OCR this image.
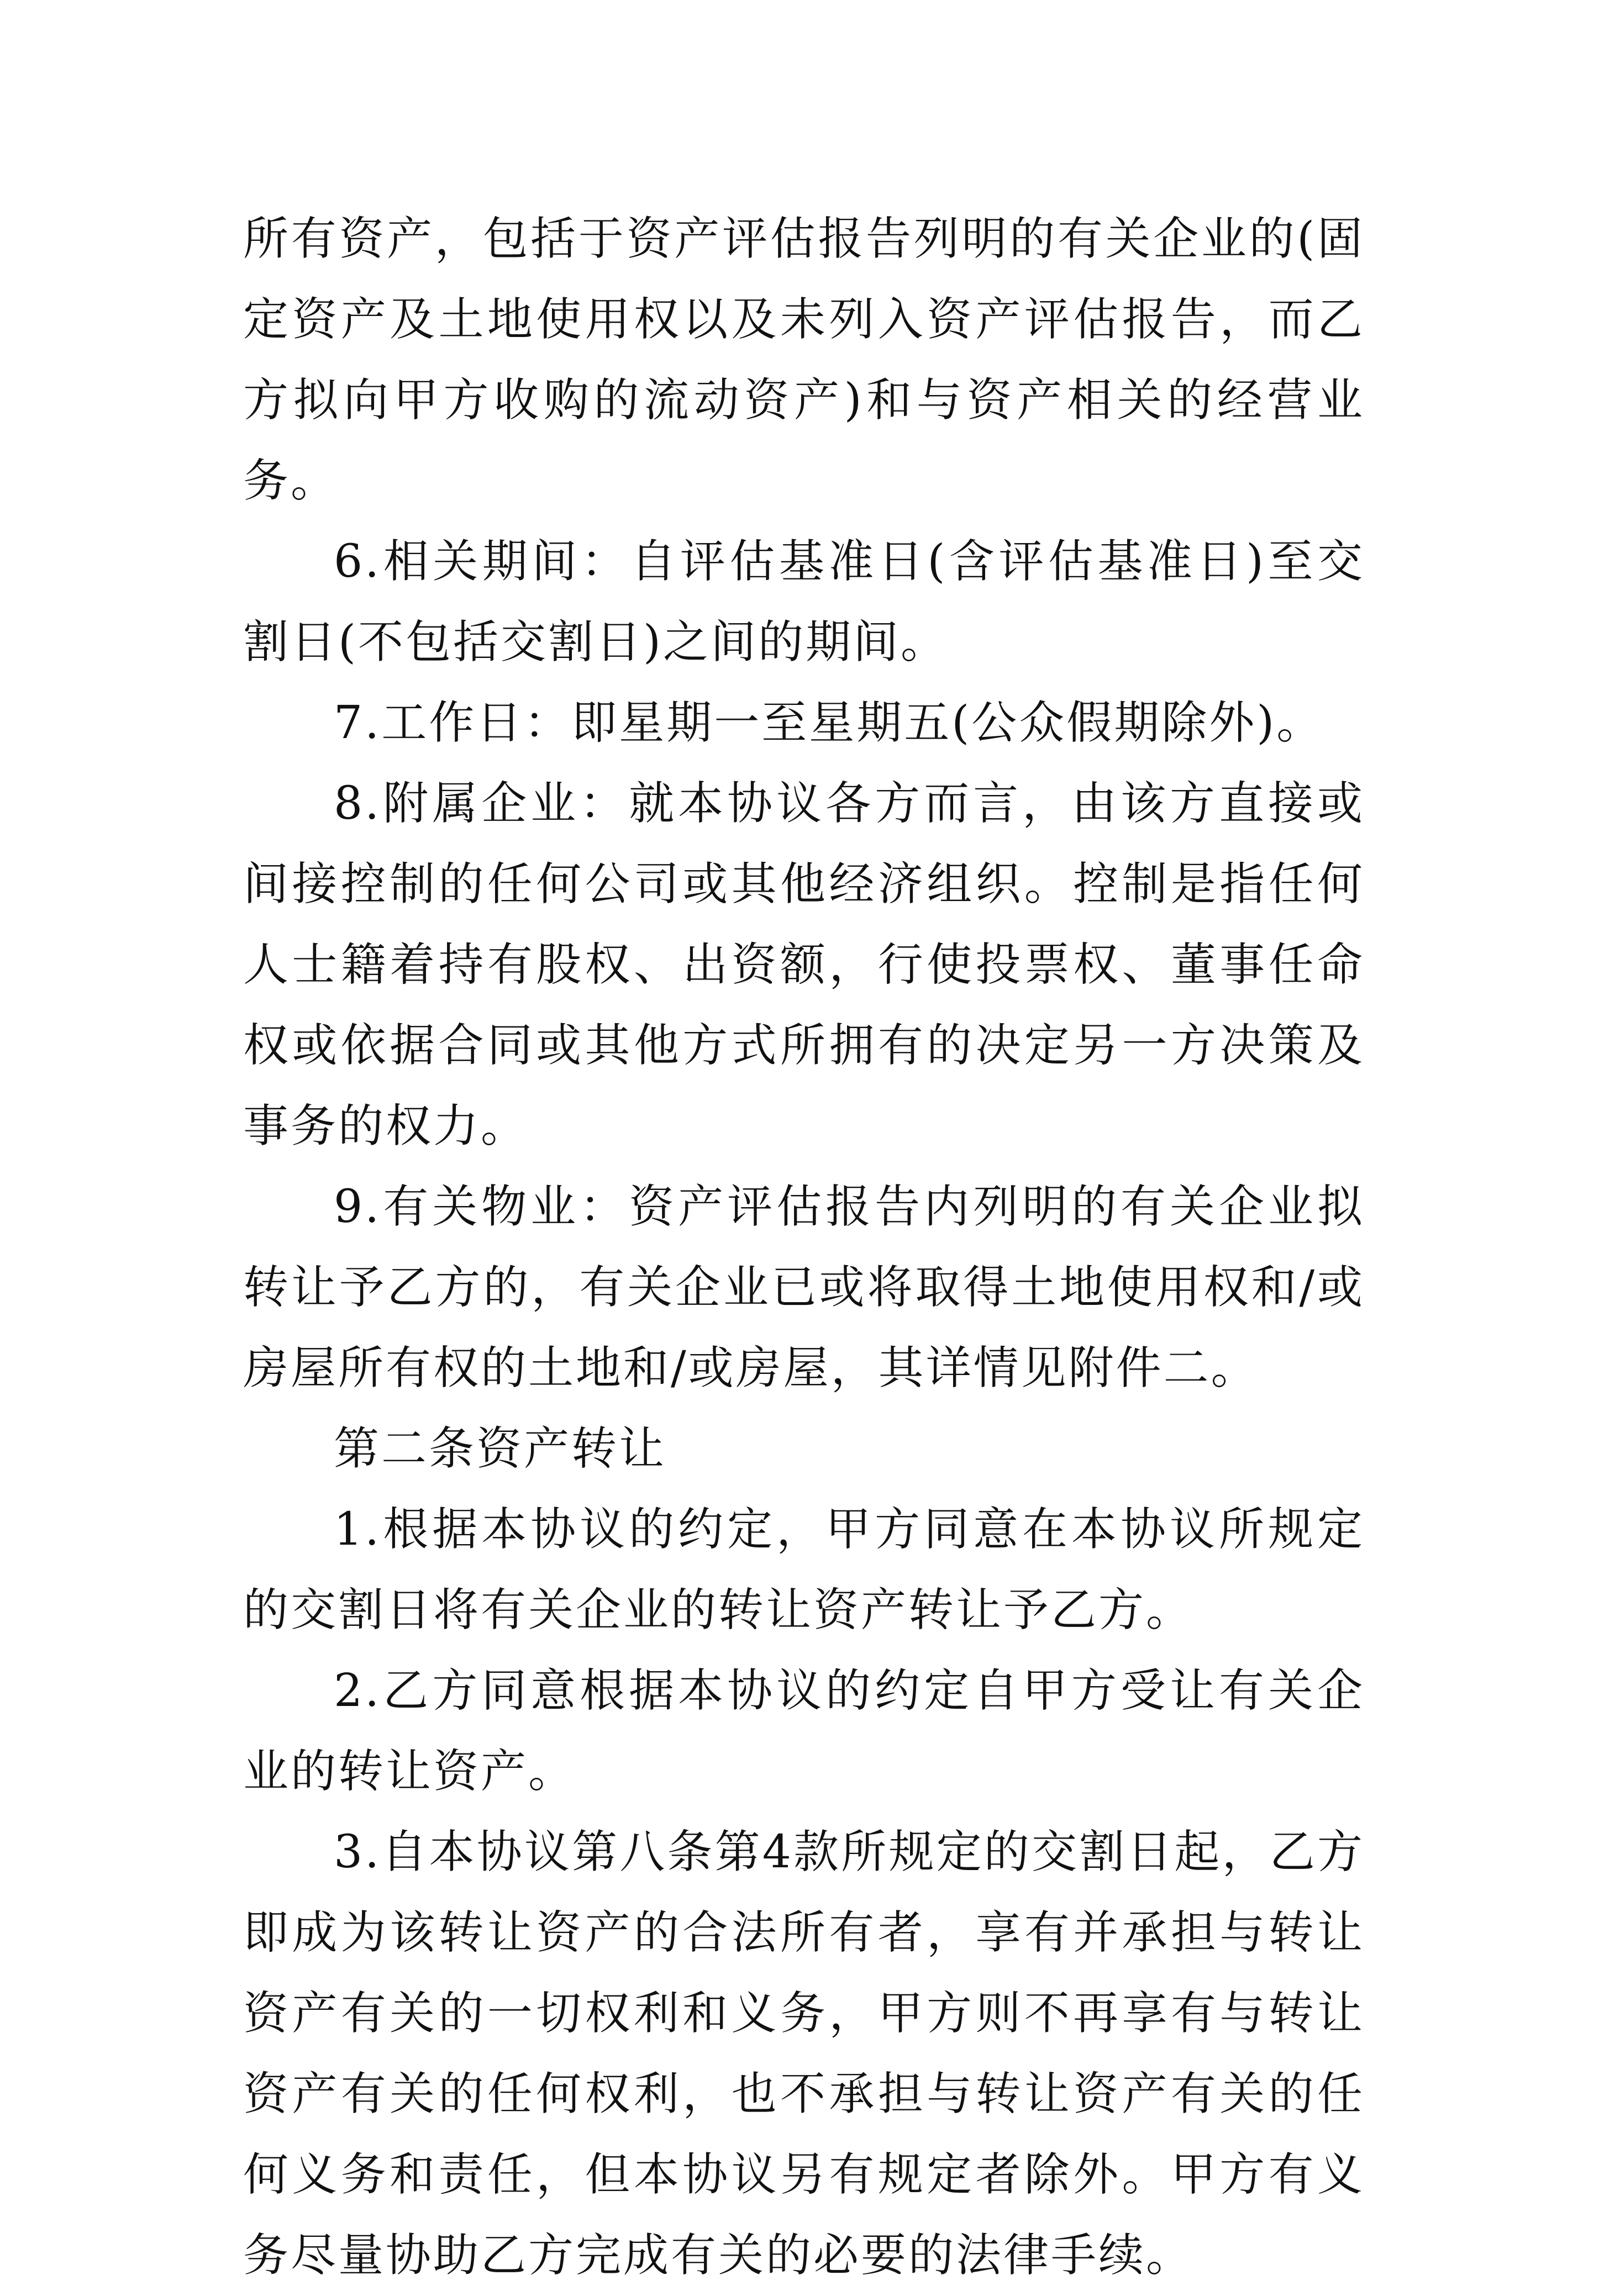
所有资产，包括于资产评估报告列明的有关企业的(固定资产及土地使用权以及未列入资产评估报告，而乙方拟向甲方收购的流动资产)和与资产相关的经营业务。

6.相关期间：自评估基准日(含评估基准日)至交割日(不包括交割日)之间的期间。

7.工作日：即星期一至星期五(公众假期除外)。

8.附属企业：就本协议各方而言，由该方直接或间接控制的任何公司或其他经济组织。控制是指任何人士籍着持有股权、出资额，行使投票权、董事任命权或依据合同或其他方式所拥有的决定另一方决策及事务的权力。

9.有关物业：资产评估报告内列明的有关企业拟转让予乙方的，有关企业已或将取得土地使用权和/或房屋所有权的土地和/或房屋，其详情见附件二。

第二条资产转让

1.根据本协议的约定，甲方同意在本协议所规定的交割日将有关企业的转让资产转让予乙方。

2.乙方同意根据本协议的约定自甲方受让有关企业的转让资产。

3.自本协议第八条第4款所规定的交割日起，乙方即成为该转让资产的合法所有者，享有并承担与转让资产有关的一切权利和义务，甲方则不再享有与转让资产有关的任何权利，也不承担与转让资产有关的任何义务和责任，但本协议另有规定者除外。甲方有义务尽量协助乙方完成有关的必要的法律手续。
